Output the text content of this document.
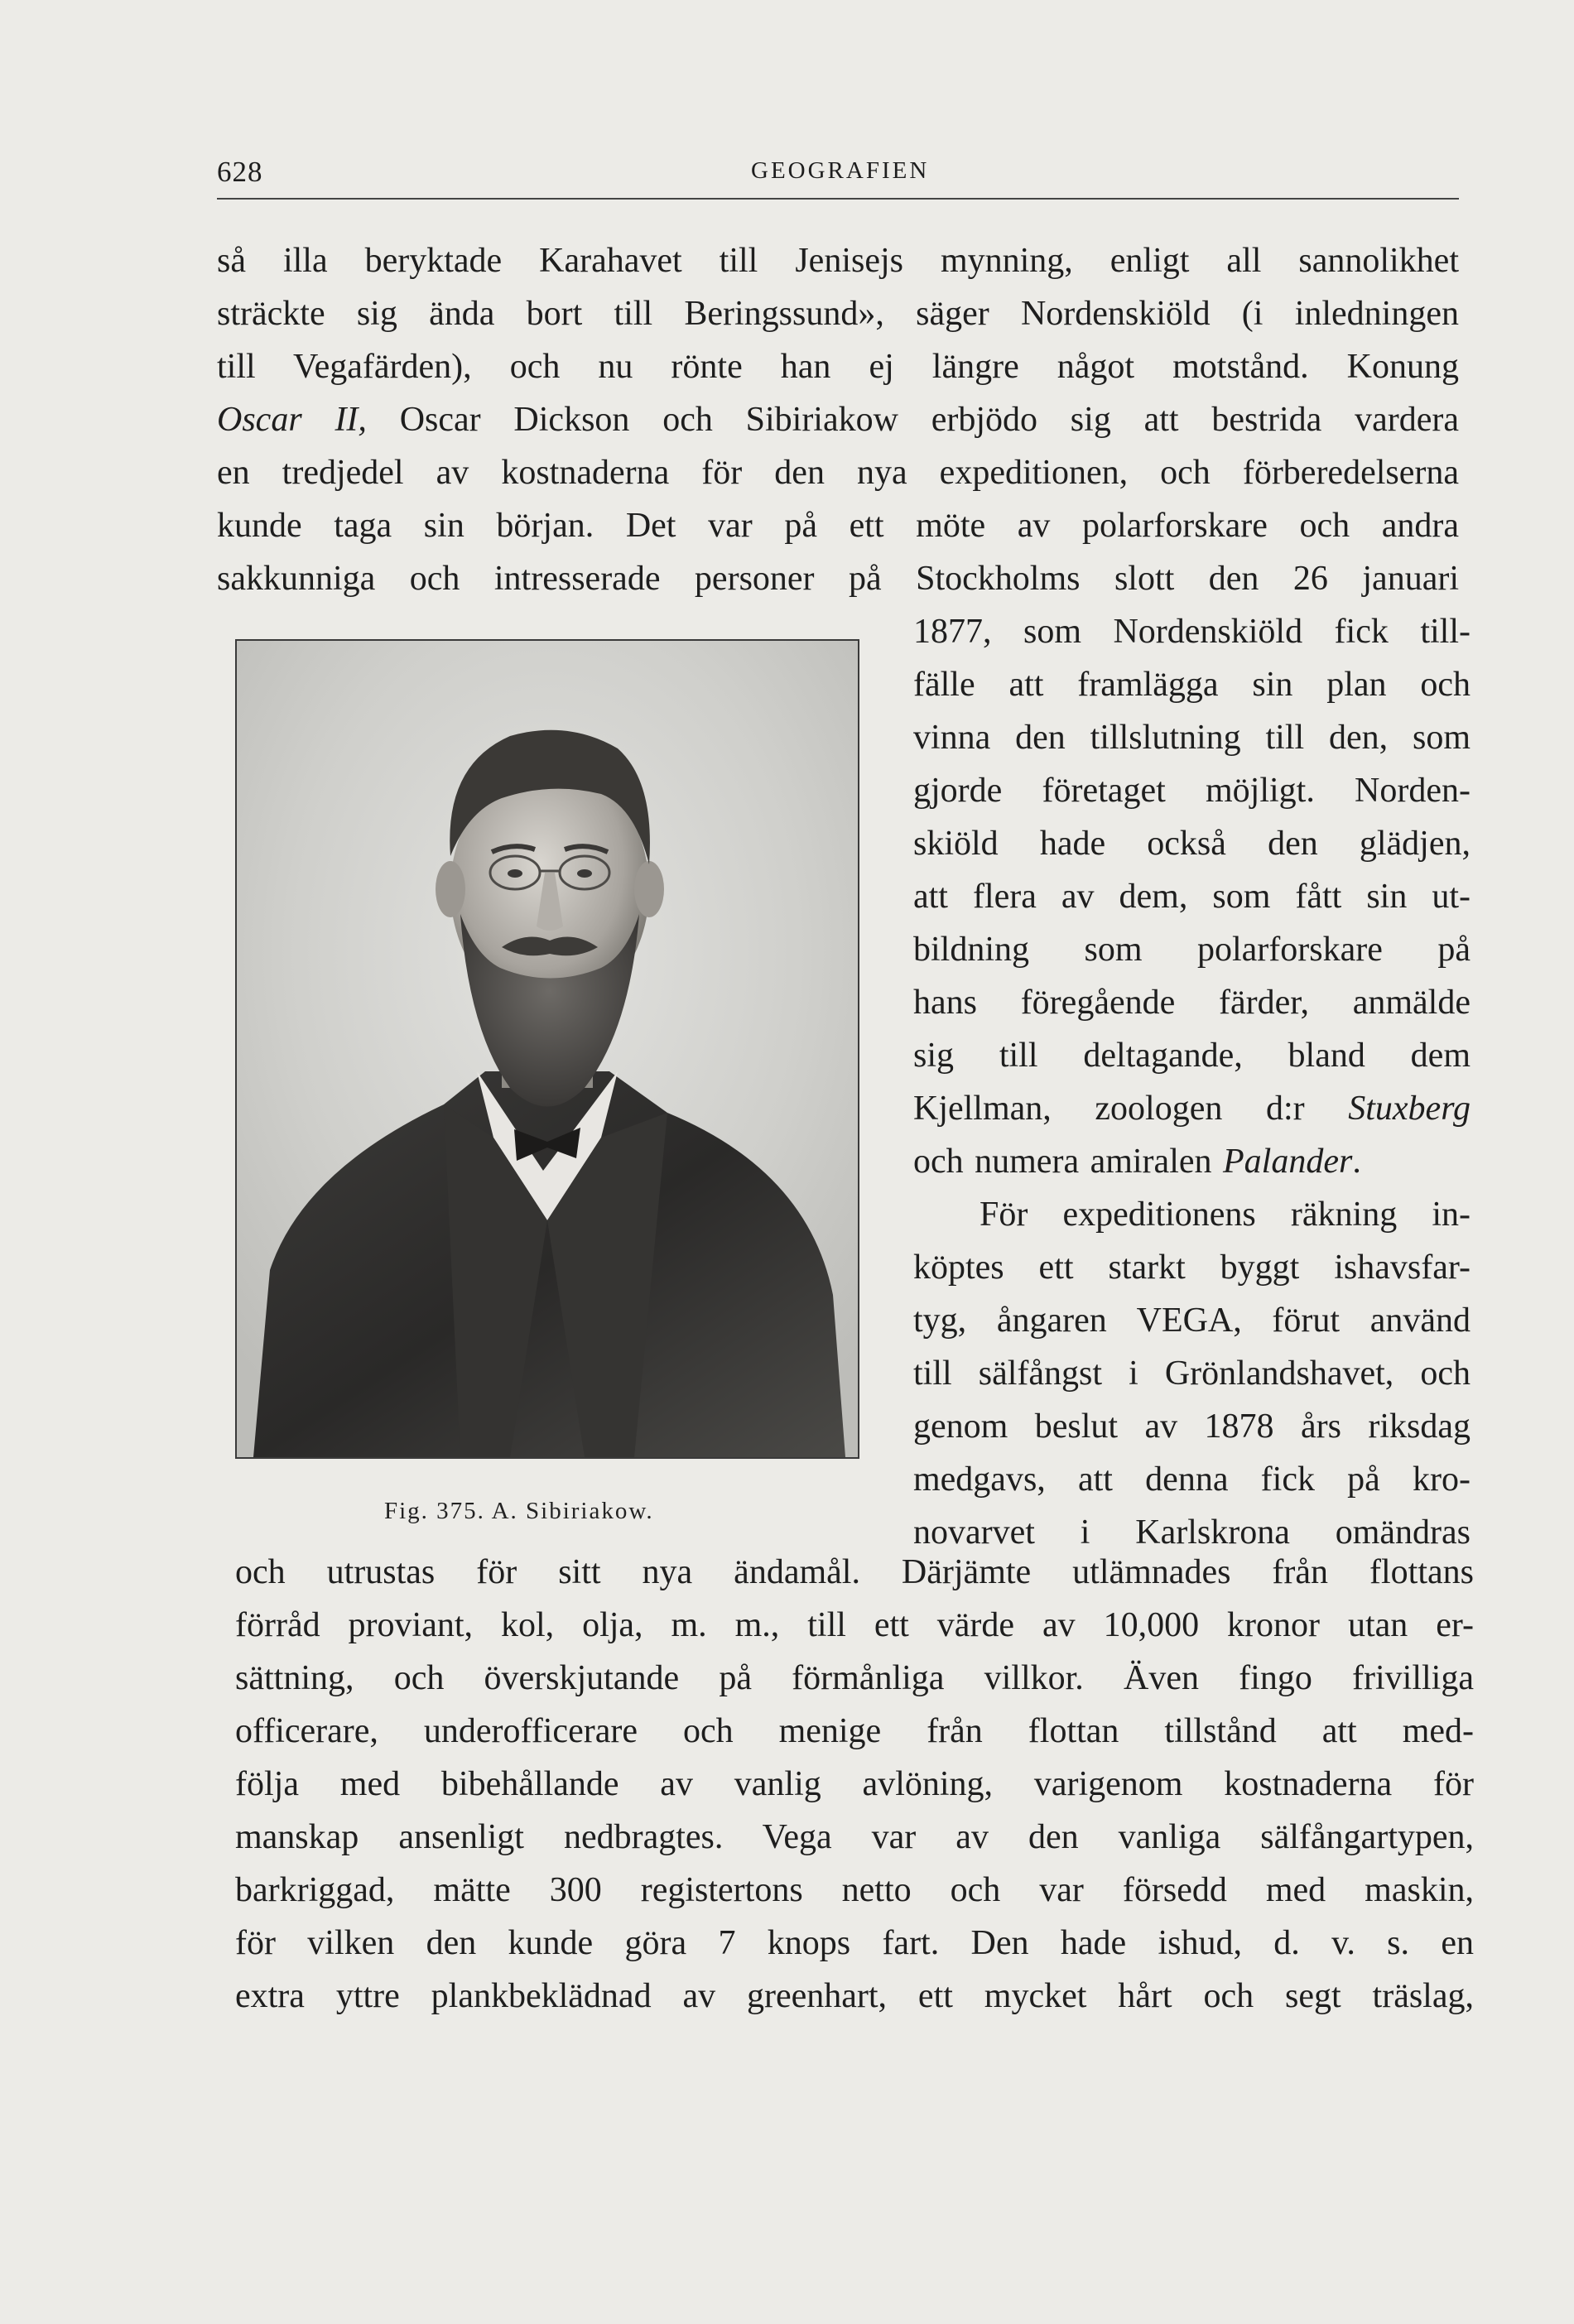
628	GEOGRAFIEN

så illa beryktade Karahavet till Jenisejs mynning, enligt all sannolikhet
sträckte sig ända bort till Beringssund», säger Nordenskiöld (i inledningen
till Vegafärden), och nu rönte han ej längre något motstånd. Konung
Oscar II, Oscar Dickson och Sibiriakow erbjödo sig att bestrida vardera
en tredjedel av kostnaderna för den nya expeditionen, och förberedelserna
kunde taga sin början. Det var på ett möte av polarforskare och andra
sakkunniga och intresserade personer på Stockholms slott den 26 januari

Fig. 375. A. Sibiriakow.

1877, som Nordenskiöld fick till-
fälle att framlägga sin plan och
vinna den tillslutning till den, som
gjorde företaget möjligt. Norden-
skiöld hade också den glädjen,
att flera av dem, som fått sin ut-
bildning som polarforskare på
hans föregående färder, anmälde
sig till deltagande, bland dem
Kjellman, zoologen d:r Stuxberg

och numera amiralen Palander.

För expeditionens räkning in-
köptes ett starkt byggt ishavsfar-
tyg, ångaren VEGA, förut använd
till sälfångst i Grönlandshavet, och
genom beslut av 1878 års riksdag
medgavs, att denna fick på kro-
novarvet i Karlskrona omändras

och utrustas för sitt nya ändamål. Därjämte utlämnades från flottans
förråd proviant, kol, olja, m. m., till ett värde av 10,000 kronor utan er-
sättning, och överskjutande på förmånliga villkor. Även fingo frivilliga
officerare, underofficerare och menige från flottan tillstånd att med-
följa med bibehållande av vanlig avlöning, varigenom kostnaderna för
manskap ansenligt nedbragtes. Vega var av den vanliga sälfångartypen,
barkriggad, mätte 300 registertons netto och var försedd med maskin,
för vilken den kunde göra 7 knops fart. Den hade ishud, d. v. s. en
extra yttre plankbeklädnad av greenhart, ett mycket hårt och segt träslag,
